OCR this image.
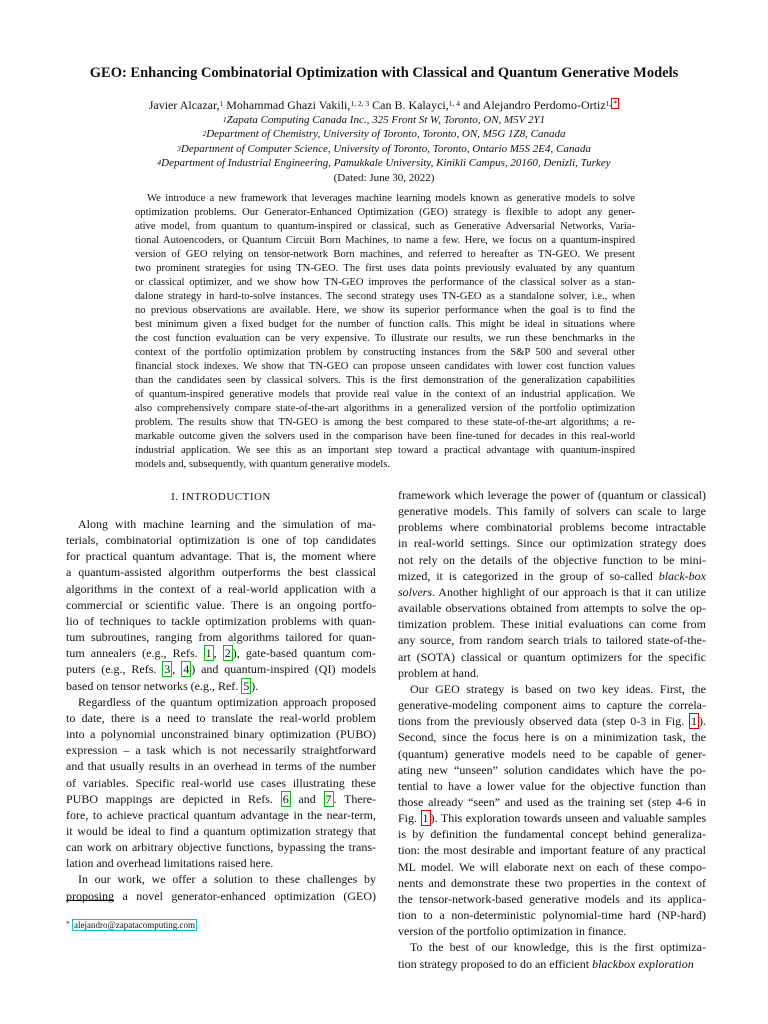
GEO: Enhancing Combinatorial Optimization with Classical and Quantum Generative Models
Javier Alcazar,$^1$ Mohammad Ghazi Vakili,$^{1, 2, 3}$ Can B. Kalayci,$^{1, 4}$ and Alejandro Perdomo-Ortiz$^{1, *}$
$^1$Zapata Computing Canada Inc., 325 Front St W, Toronto, ON, M5V 2Y1
$^2$Department of Chemistry, University of Toronto, Toronto, ON, M5G 1Z8, Canada
$^3$Department of Computer Science, University of Toronto, Toronto, Ontario M5S 2E4, Canada
$^4$Department of Industrial Engineering, Pamukkale University, Kinikli Campus, 20160, Denizli, Turkey
(Dated: June 30, 2022)
We introduce a new framework that leverages machine learning models known as generative models to solve
optimization problems. Our Generator-Enhanced Optimization (GEO) strategy is flexible to adopt any gener-
ative model, from quantum to quantum-inspired or classical, such as Generative Adversarial Networks, Varia-
tional Autoencoders, or Quantum Circuit Born Machines, to name a few. Here, we focus on a quantum-inspired
version of GEO relying on tensor-network Born machines, and referred to hereafter as TN-GEO. We present
two prominent strategies for using TN-GEO. The first uses data points previously evaluated by any quantum
or classical optimizer, and we show how TN-GEO improves the performance of the classical solver as a stan-
dalone strategy in hard-to-solve instances. The second strategy uses TN-GEO as a standalone solver, i.e., when
no previous observations are available. Here, we show its superior performance when the goal is to find the
best minimum given a fixed budget for the number of function calls. This might be ideal in situations where
the cost function evaluation can be very expensive. To illustrate our results, we run these benchmarks in the
context of the portfolio optimization problem by constructing instances from the S&P 500 and several other
financial stock indexes. We show that TN-GEO can propose unseen candidates with lower cost function values
than the candidates seen by classical solvers. This is the first demonstration of the generalization capabilities
of quantum-inspired generative models that provide real value in the context of an industrial application. We
also comprehensively compare state-of-the-art algorithms in a generalized version of the portfolio optimization
problem. The results show that TN-GEO is among the best compared to these state-of-the-art algorithms; a re-
markable outcome given the solvers used in the comparison have been fine-tuned for decades in this real-world
industrial application. We see this as an important step toward a practical advantage with quantum-inspired
models and, subsequently, with quantum generative models.
I. INTRODUCTION
Along with machine learning and the simulation of ma-
terials, combinatorial optimization is one of top candidates
for practical quantum advantage. That is, the moment where
a quantum-assisted algorithm outperforms the best classical
algorithms in the context of a real-world application with a
commercial or scientific value. There is an ongoing portfo-
lio of techniques to tackle optimization problems with quan-
tum subroutines, ranging from algorithms tailored for quan-
tum annealers (e.g., Refs. 1 , 2 ), gate-based quantum com-
puters (e.g., Refs. 3 , 4 ) and quantum-inspired (QI) models
based on tensor networks (e.g., Ref. 5 ).
Regardless of the quantum optimization approach proposed
to date, there is a need to translate the real-world problem
into a polynomial unconstrained binary optimization (PUBO)
expression – a task which is not necessarily straightforward
and that usually results in an overhead in terms of the number
of variables. Specific real-world use cases illustrating these
PUBO mappings are depicted in Refs. 6 and 7 . There-
fore, to achieve practical quantum advantage in the near-term,
it would be ideal to find a quantum optimization strategy that
can work on arbitrary objective functions, bypassing the trans-
lation and overhead limitations raised here.
In our work, we offer a solution to these challenges by
proposing a novel generator-enhanced optimization (GEO)
framework which leverage the power of (quantum or classical)
generative models. This family of solvers can scale to large
problems where combinatorial problems become intractable
in real-world settings. Since our optimization strategy does
not rely on the details of the objective function to be mini-
mized, it is categorized in the group of so-called black-box
solvers. Another highlight of our approach is that it can utilize
available observations obtained from attempts to solve the op-
timization problem. These initial evaluations can come from
any source, from random search trials to tailored state-of-the-
art (SOTA) classical or quantum optimizers for the specific
problem at hand.
Our GEO strategy is based on two key ideas. First, the
generative-modeling component aims to capture the correla-
tions from the previously observed data (step 0-3 in Fig. 1 ).
Second, since the focus here is on a minimization task, the
(quantum) generative models need to be capable of gener-
ating new “unseen” solution candidates which have the po-
tential to have a lower value for the objective function than
those already “seen” and used as the training set (step 4-6 in
Fig. 1 ). This exploration towards unseen and valuable samples
is by definition the fundamental concept behind generaliza-
tion: the most desirable and important feature of any practical
ML model. We will elaborate next on each of these compo-
nents and demonstrate these two properties in the context of
the tensor-network-based generative models and its applica-
tion to a non-deterministic polynomial-time hard (NP-hard)
version of the portfolio optimization in finance.
To the best of our knowledge, this is the first optimiza-
tion strategy proposed to do an efficient blackbox exploration
* alejandro@zapatacomputing.com
